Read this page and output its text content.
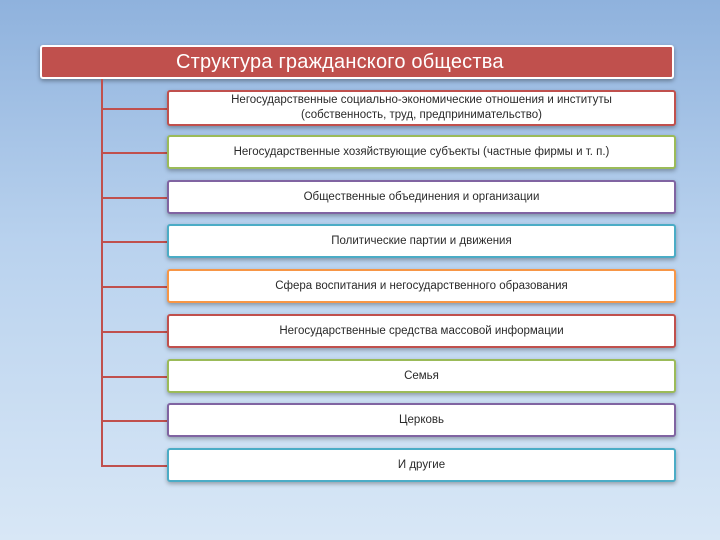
Структура гражданского общества
Негосударственные социально-экономические отношения и институты (собственность, труд, предпринимательство)
Негосударственные хозяйствующие субъекты (частные фирмы и т. п.)
Общественные объединения и организации
Политические партии и движения
Сфера воспитания и негосударственного образования
Негосударственные средства массовой информации
Семья
Церковь
И другие
